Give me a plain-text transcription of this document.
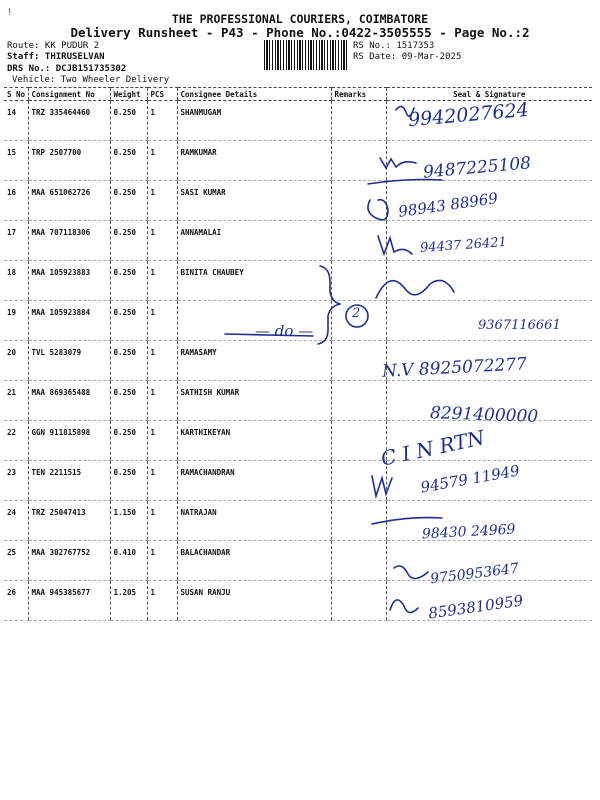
!	THE PROFESSIONAL COURIERS, COIMBATORE
Delivery Runsheet - P43 - Phone No.:0422-3505555 - Page No.:2
Route: KK PUDUR 2
Staff: THIRUSELVAN
DRS No.: DCJB151735302
Vehicle: Two Wheeler Delivery
RS No.: 1517353
RS Date: 09-Mar-2025
S No	Consignment No	Weight	PCS	Consignee Details	Remarks	Seal & Signature
14	TRZ 335464460	0.250	1	SHANMUGAM		
15	TRP 2507700	0.250	1	RAMKUMAR		
16	MAA 651062726	0.250	1	SASI KUMAR		
17	MAA 707118306	0.250	1	ANNAMALAI		
18	MAA 105923883	0.250	1	BINITA CHAUBEY		
19	MAA 105923884	0.250	1			
20	TVL 5283079	0.250	1	RAMASAMY		
21	MAA 869365488	0.250	1	SATHISH KUMAR		
22	GGN 911815898	0.250	1	KARTHIKEYAN		
23	TEN 2211515	0.250	1	RAMACHANDRAN		
24	TRZ 25047413	1.150	1	NATRAJAN		
25	MAA 302767752	0.410	1	BALACHANDAR		
26	MAA 945385677	1.205	1	SUSAN RANJU		
9942027624
9487225108
98943 88969
94437 26421
— do —
2
9367116661
N.V 8925072277
8291400000
C I N RTN
94579 11949
98430 24969
9750953647
8593810959
